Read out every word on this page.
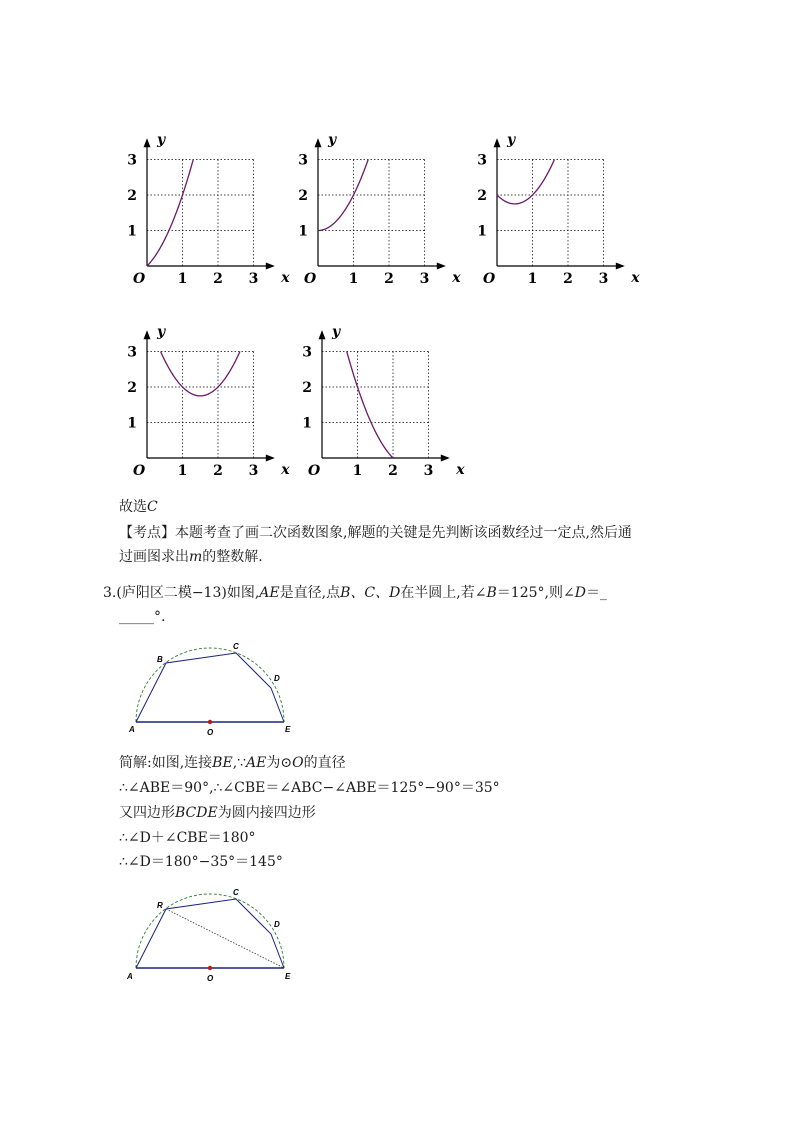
x
y
O 1 2 3
1
2
3
x
y
O 1 2 3
1
2
3
x
y
O 1 2 3
1
2
3
x
y
O 1 2 3
1
2
3
x
y
O 1 2 3
1
2
3
故选C
【考点】本题考查了画二次函数图象,解题的关键是先判断该函数经过一定点,然后通
过画图求出m的整数解.
3.(庐阳区二模−13)如图,AE是直径,点B、C、D在半圆上,若∠B＝125°,则∠D＝_
_____°.
A
B
C
D
E
O
简解:如图,连接BE,∵AE为⊙O的直径
∴∠ABE＝90°,∴∠CBE＝∠ABC−∠ABE＝125°−90°＝35°
又四边形BCDE为圆内接四边形
∴∠D＋∠CBE＝180°
∴∠D＝180°−35°＝145°
A
R
C
D
E
O
